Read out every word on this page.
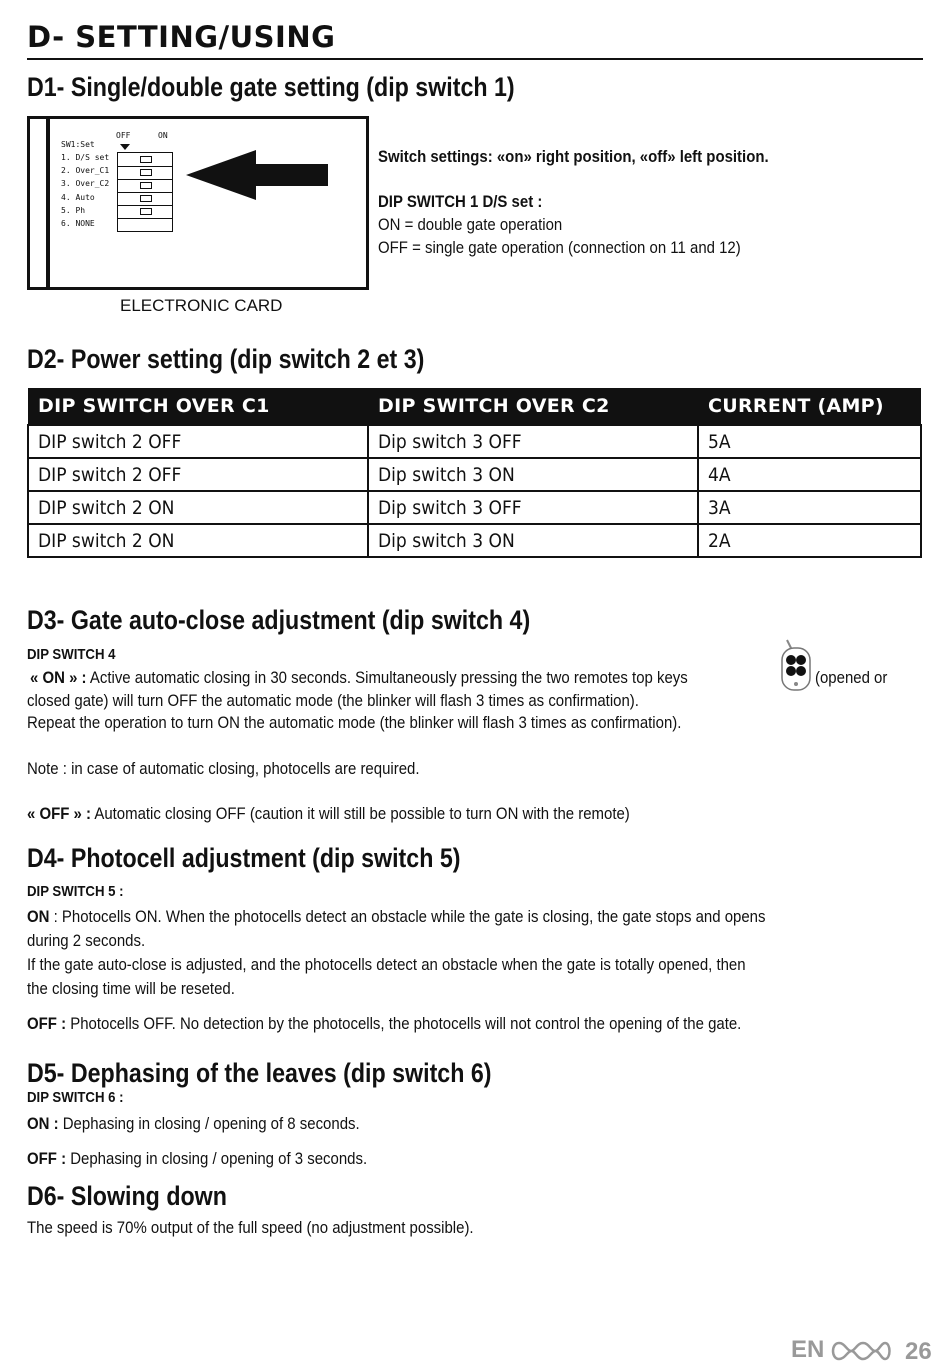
D- SETTING/USING
D1- Single/double gate setting (dip switch 1)
SW1:Set
OFF	ON
1. D/S set
2. Over_C1
3. Over_C2
4. Auto
5. Ph
6. NONE
ELECTRONIC CARD
Switch settings: «on» right position, «off» left position.
DIP SWITCH 1 D/S set :
ON = double gate operation
OFF = single gate operation (connection on 11 and 12)
D2- Power setting (dip switch 2 et 3)
DIP SWITCH OVER C1	DIP SWITCH OVER C2	CURRENT (AMP)
DIP switch 2 OFF	Dip switch 3 OFF	5A
DIP switch 2 OFF	Dip switch 3 ON	4A
DIP switch 2 ON	Dip switch 3 OFF	3A
DIP switch 2 ON	Dip switch 3 ON	2A
D3- Gate auto-close adjustment (dip switch 4)
DIP SWITCH 4
« ON » : Active automatic closing in 30 seconds. Simultaneously pressing the two remotes top keys	(opened or
closed gate) will turn OFF the automatic mode (the blinker will flash 3 times as confirmation).
Repeat the operation to turn ON the automatic mode (the blinker will flash 3 times as confirmation).
Note : in case of automatic closing, photocells are required.
« OFF » : Automatic closing OFF (caution it will still be possible to turn ON with the remote)
D4- Photocell adjustment (dip switch 5)
DIP SWITCH 5 :
ON : Photocells ON. When the photocells detect an obstacle while the gate is closing, the gate stops and opens
during 2 seconds.
If the gate auto-close is adjusted, and the photocells detect an obstacle when the gate is totally opened, then
the closing time will be reseted.
OFF : Photocells OFF. No detection by the photocells, the photocells will not control the opening of the gate.
D5- Dephasing of the leaves (dip switch 6)
DIP SWITCH 6 :
ON : Dephasing in closing / opening of 8 seconds.
OFF : Dephasing in closing / opening of 3 seconds.
D6- Slowing down
The speed is 70% output of the full speed (no adjustment possible).
EN	26
